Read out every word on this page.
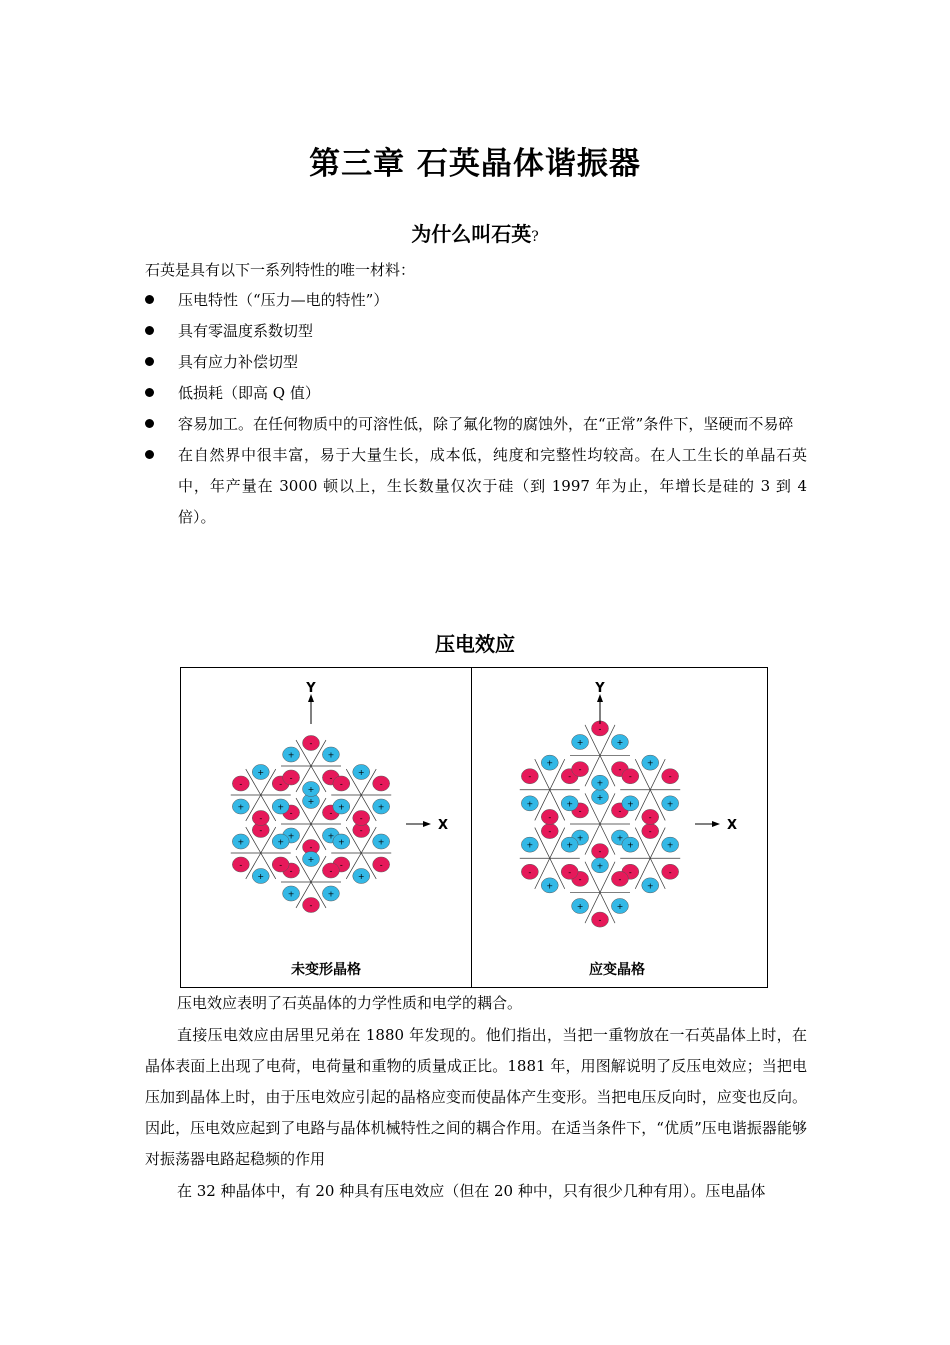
第三章 石英晶体谐振器
为什么叫石英?

石英是具有以下一系列特性的唯一材料：

压电特性（“压力—电的特性”）
具有零温度系数切型
具有应力补偿切型
低损耗（即高 Q 值）
容易加工。在任何物质中的可溶性低，除了氟化物的腐蚀外，在“正常”条件下，坚硬而不易碎
在自然界中很丰富，易于大量生长，成本低，纯度和完整性均较高。在人工生长的单晶石英中，年产量在 3000 顿以上，生长数量仅次于硅（到 1997 年为止，年增长是硅的 3 到 4 倍）。
压电效应
+
-
+
-
+
-
-
+
-
+
-
+
+
-
+
-
+
-
-
+
-
+
-
+
+
-
+
-
+
-
-
+
-
+
-
+
+
-
+
-
+
-
Y
X
未变形晶格
+
-
+
-
+
-
-
+
-
+
-
+
+
-
+
-
+
-
-
+
-
+
-
+
+
-
+
-
+
-
-
+
-
+
-
+
+
-
+
-
+
-
Y
X
应变晶格

压电效应表明了石英晶体的力学性质和电学的耦合。

直接压电效应由居里兄弟在 1880 年发现的。他们指出，当把一重物放在一石英晶体上时，在晶体表面上出现了电荷，电荷量和重物的质量成正比。1881 年，用图解说明了反压电效应；当把电压加到晶体上时，由于压电效应引起的晶格应变而使晶体产生变形。当把电压反向时，应变也反向。因此，压电效应起到了电路与晶体机械特性之间的耦合作用。在适当条件下，“优质”压电谐振器能够对振荡器电路起稳频的作用

在 32 种晶体中，有 20 种具有压电效应（但在 20 种中，只有很少几种有用）。压电晶体
